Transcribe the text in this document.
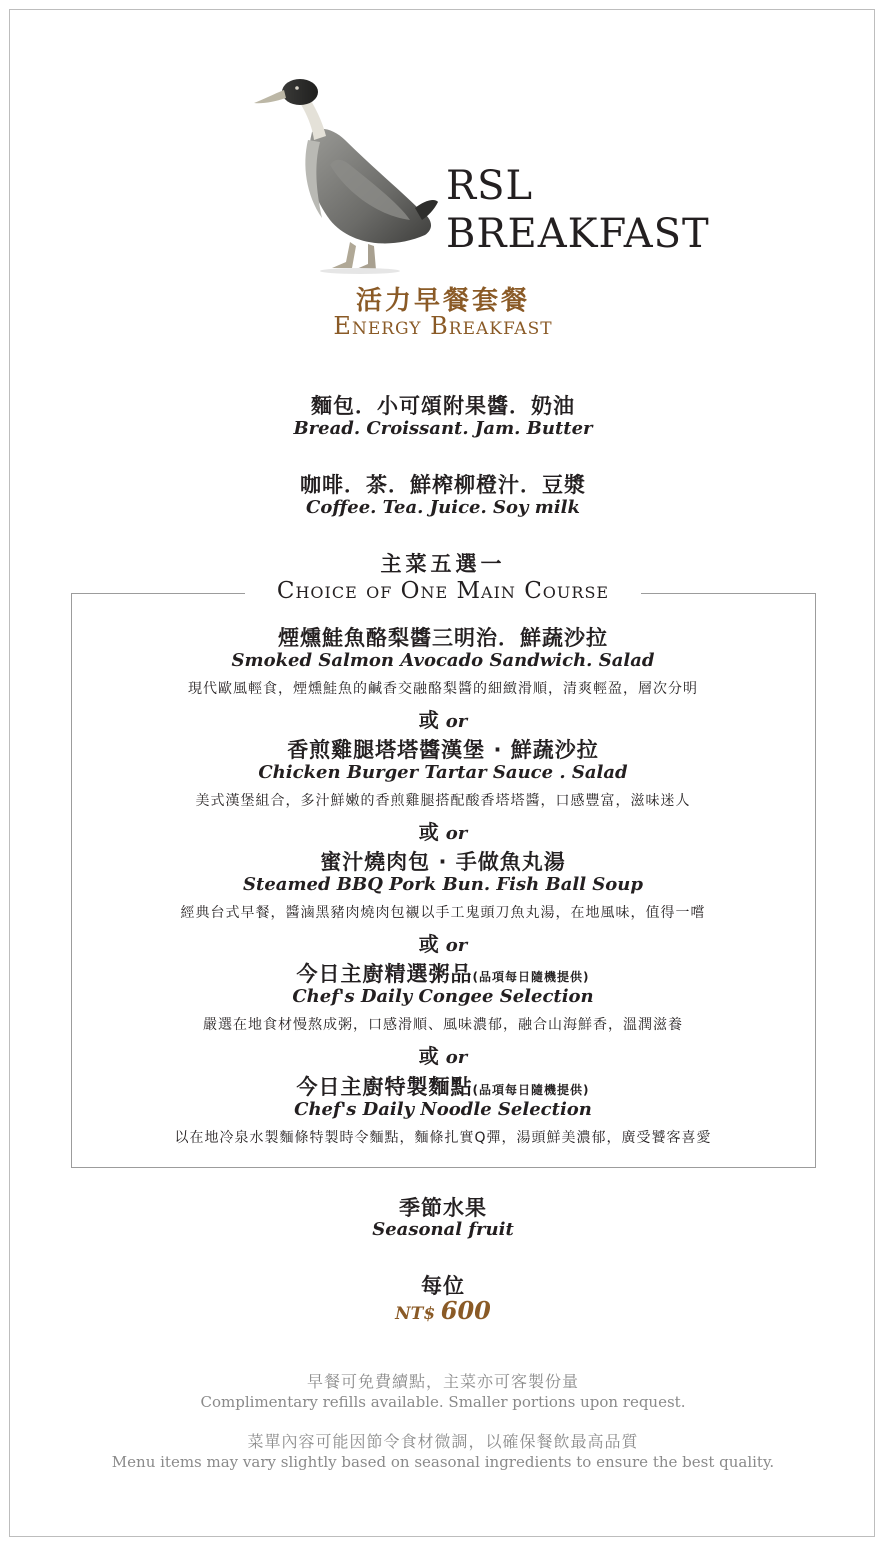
RSL
BREAKFAST
活力早餐套餐
Energy Breakfast
麵包．小可頌附果醬．奶油
Bread. Croissant. Jam. Butter
咖啡．茶．鮮榨柳橙汁．豆漿
Coffee. Tea. Juice. Soy milk
主菜五選一
Choice of One Main Course
煙燻鮭魚酪梨醬三明治．鮮蔬沙拉
Smoked Salmon Avocado Sandwich. Salad
現代歐風輕食，煙燻鮭魚的鹹香交融酪梨醬的細緻滑順，清爽輕盈，層次分明
或 or
香煎雞腿塔塔醬漢堡 · 鮮蔬沙拉
Chicken Burger Tartar Sauce . Salad
美式漢堡組合，多汁鮮嫩的香煎雞腿搭配酸香塔塔醬，口感豐富，滋味迷人
或 or
蜜汁燒肉包 · 手做魚丸湯
Steamed BBQ Pork Bun. Fish Ball Soup
經典台式早餐，醬滷黑豬肉燒肉包襯以手工鬼頭刀魚丸湯，在地風味，值得一嚐
或 or
今日主廚精選粥品(品項每日隨機提供)
Chef's Daily Congee Selection
嚴選在地食材慢熬成粥，口感滑順、風味濃郁，融合山海鮮香，溫潤滋養
或 or
今日主廚特製麵點(品項每日隨機提供)
Chef's Daily Noodle Selection
以在地冷泉水製麵條特製時令麵點，麵條扎實Q彈，湯頭鮮美濃郁，廣受饕客喜愛
季節水果
Seasonal fruit
每位
NT$ 600
早餐可免費續點，主菜亦可客製份量
Complimentary refills available. Smaller portions upon request.
菜單內容可能因節令食材微調，以確保餐飲最高品質
Menu items may vary slightly based on seasonal ingredients to ensure the best quality.
